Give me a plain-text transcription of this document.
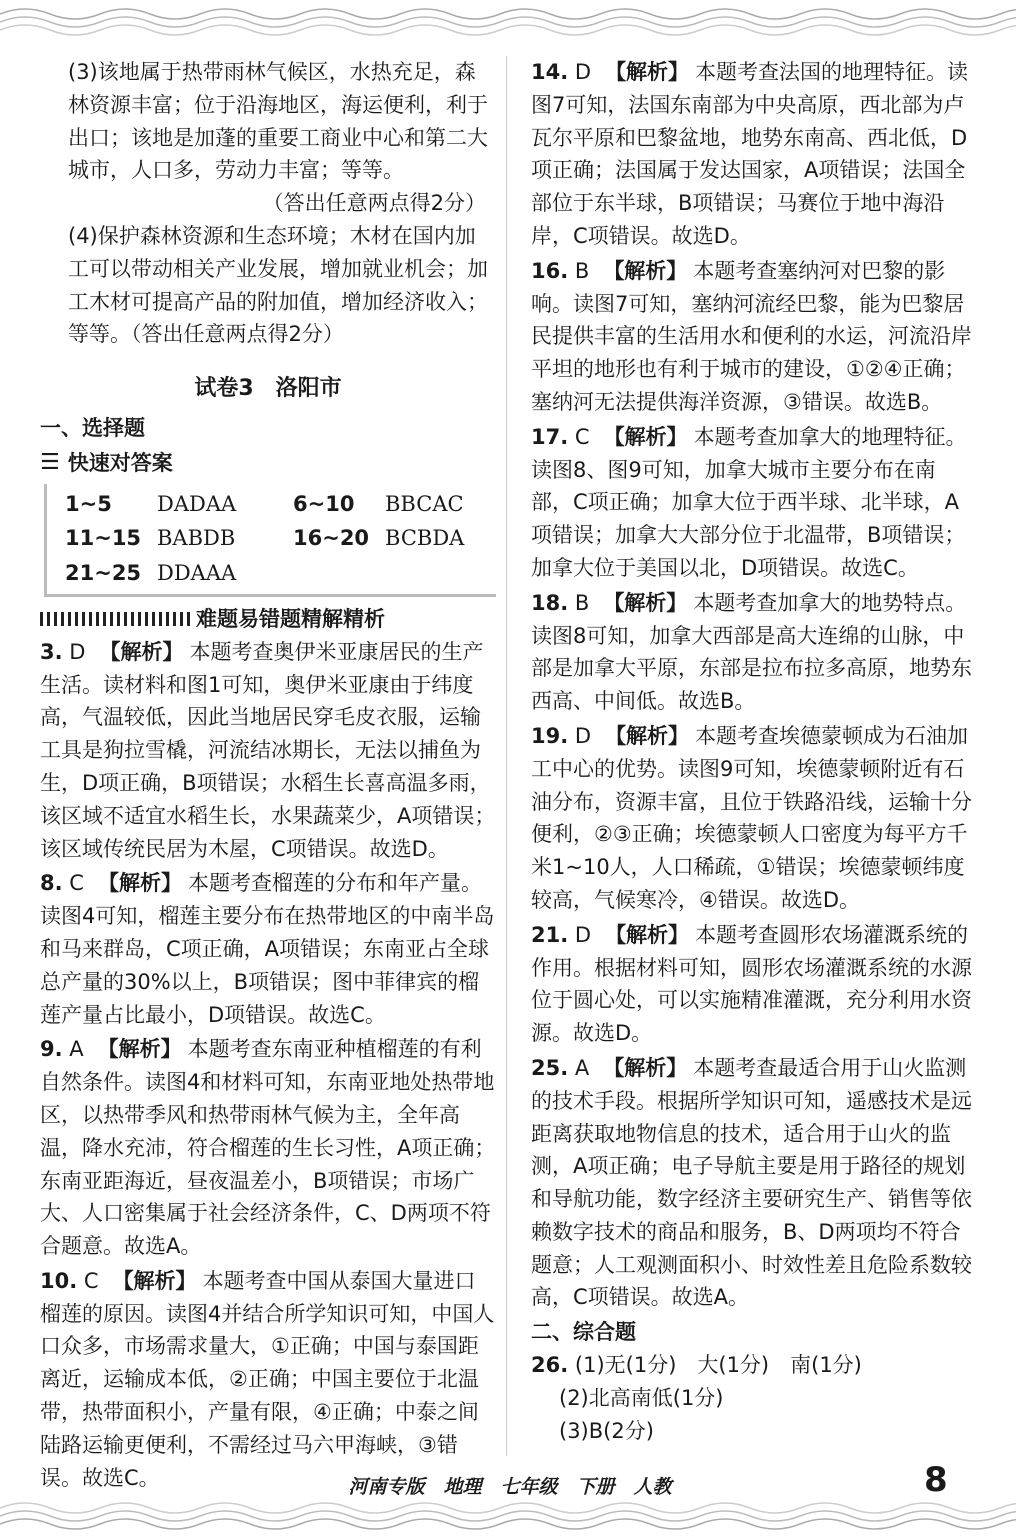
(3)该地属于热带雨林气候区，水热充足，森林资源丰富；位于沿海地区，海运便利，利于出口；该地是加蓬的重要工商业中心和第二大城市，人口多，劳动力丰富；等等。

（答出任意两点得2分）

(4)保护森林资源和生态环境；木材在国内加工可以带动相关产业发展，增加就业机会；加工木材可提高产品的附加值，增加经济收入；等等。（答出任意两点得2分）

试卷3　洛阳市

一、选择题

☰ 快速对答案
1~5	DADAA	6~10	BBCAC
11~15 BABDB	16~20 BCBDA
21~25 DDAAA
难题易错题精解精析

3. D 【解析】 本题考查奥伊米亚康居民的生产生活。读材料和图1可知，奥伊米亚康由于纬度高，气温较低，因此当地居民穿毛皮衣服，运输工具是狗拉雪橇，河流结冰期长，无法以捕鱼为生，D项正确，B项错误；水稻生长喜高温多雨，该区域不适宜水稻生长，水果蔬菜少，A项错误；该区域传统民居为木屋，C项错误。故选D。

8. C 【解析】 本题考查榴莲的分布和年产量。读图4可知，榴莲主要分布在热带地区的中南半岛和马来群岛，C项正确，A项错误；东南亚占全球总产量的30%以上，B项错误；图中菲律宾的榴莲产量占比最小，D项错误。故选C。

9. A 【解析】 本题考查东南亚种植榴莲的有利自然条件。读图4和材料可知，东南亚地处热带地区，以热带季风和热带雨林气候为主，全年高温，降水充沛，符合榴莲的生长习性，A项正确；东南亚距海近，昼夜温差小，B项错误；市场广大、人口密集属于社会经济条件，C、D两项不符合题意。故选A。

10. C 【解析】 本题考查中国从泰国大量进口榴莲的原因。读图4并结合所学知识可知，中国人口众多，市场需求量大，①正确；中国与泰国距离近，运输成本低，②正确；中国主要位于北温带，热带面积小，产量有限，④正确；中泰之间陆路运输更便利，不需经过马六甲海峡，③错误。故选C。

14. D 【解析】 本题考查法国的地理特征。读图7可知，法国东南部为中央高原，西北部为卢瓦尔平原和巴黎盆地，地势东南高、西北低，D项正确；法国属于发达国家，A项错误；法国全部位于东半球，B项错误；马赛位于地中海沿岸，C项错误。故选D。

16. B 【解析】 本题考查塞纳河对巴黎的影响。读图7可知，塞纳河流经巴黎，能为巴黎居民提供丰富的生活用水和便利的水运，河流沿岸平坦的地形也有利于城市的建设，①②④正确；塞纳河无法提供海洋资源，③错误。故选B。

17. C 【解析】 本题考查加拿大的地理特征。读图8、图9可知，加拿大城市主要分布在南部，C项正确；加拿大位于西半球、北半球，A项错误；加拿大大部分位于北温带，B项错误；加拿大位于美国以北，D项错误。故选C。

18. B 【解析】 本题考查加拿大的地势特点。读图8可知，加拿大西部是高大连绵的山脉，中部是加拿大平原，东部是拉布拉多高原，地势东西高、中间低。故选B。

19. D 【解析】 本题考查埃德蒙顿成为石油加工中心的优势。读图9可知，埃德蒙顿附近有石油分布，资源丰富，且位于铁路沿线，运输十分便利，②③正确；埃德蒙顿人口密度为每平方千米1~10人，人口稀疏，①错误；埃德蒙顿纬度较高，气候寒冷，④错误。故选D。

21. D 【解析】 本题考查圆形农场灌溉系统的作用。根据材料可知，圆形农场灌溉系统的水源位于圆心处，可以实施精准灌溉，充分利用水资源。故选D。

25. A 【解析】 本题考查最适合用于山火监测的技术手段。根据所学知识可知，遥感技术是远距离获取地物信息的技术，适合用于山火的监测，A项正确；电子导航主要是用于路径的规划和导航功能，数字经济主要研究生产、销售等依赖数字技术的商品和服务，B、D两项均不符合题意；人工观测面积小、时效性差且危险系数较高，C项错误。故选A。

二、综合题

26. (1)无(1分)　大(1分)　南(1分)

(2)北高南低(1分)

(3)B(2分)

河南专版　地理　七年级　下册　人教	8
